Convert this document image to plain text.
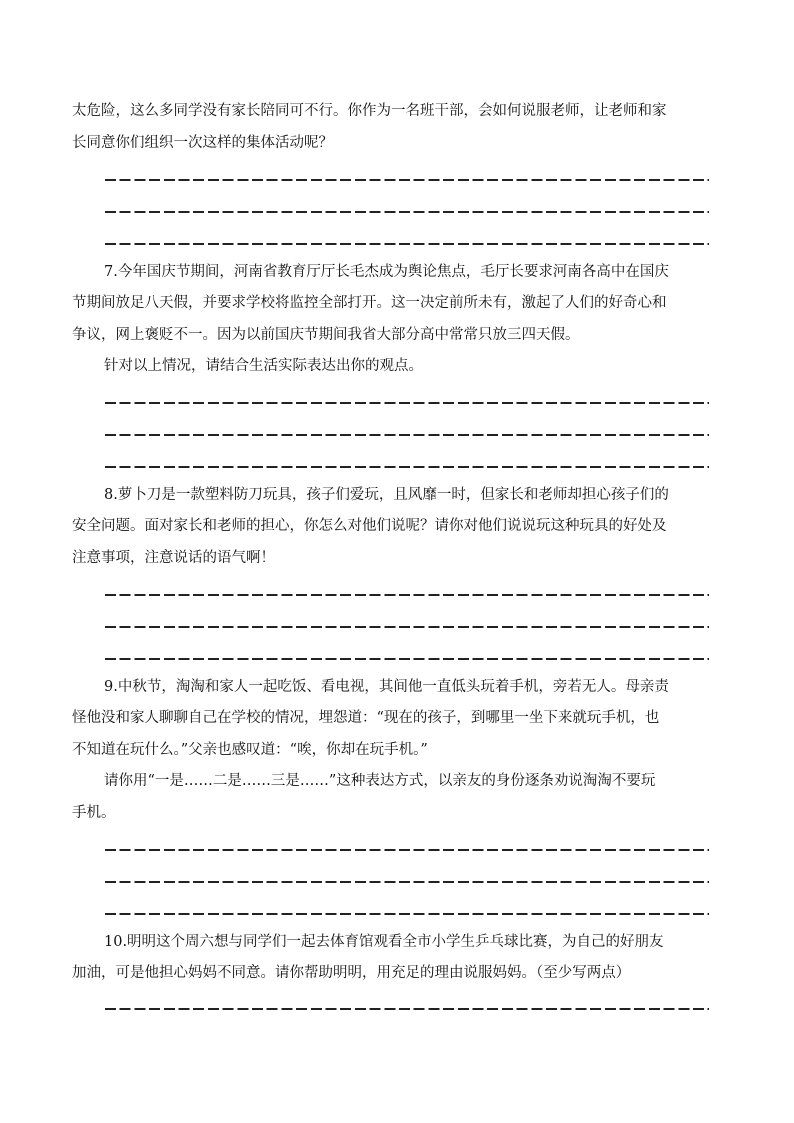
太危险，这么多同学没有家长陪同可不行。你作为一名班干部，会如何说服老师，让老师和家
长同意你们组织一次这样的集体活动呢？
7.今年国庆节期间，河南省教育厅厅长毛杰成为舆论焦点，毛厅长要求河南各高中在国庆
节期间放足八天假，并要求学校将监控全部打开。这一决定前所未有，激起了人们的好奇心和
争议，网上褒贬不一。因为以前国庆节期间我省大部分高中常常只放三四天假。
针对以上情况，请结合生活实际表达出你的观点。
8.萝卜刀是一款塑料防刀玩具，孩子们爱玩，且风靡一时，但家长和老师却担心孩子们的
安全问题。面对家长和老师的担心，你怎么对他们说呢？请你对他们说说玩这种玩具的好处及
注意事项，注意说话的语气啊！
9.中秋节，淘淘和家人一起吃饭、看电视，其间他一直低头玩着手机，旁若无人。母亲责
怪他没和家人聊聊自己在学校的情况，埋怨道：“现在的孩子，到哪里一坐下来就玩手机，也
不知道在玩什么。”父亲也感叹道：“唉，你却在玩手机。”
请你用“一是……二是……三是……”这种表达方式，以亲友的身份逐条劝说淘淘不要玩
手机。
10.明明这个周六想与同学们一起去体育馆观看全市小学生乒乓球比赛，为自己的好朋友
加油，可是他担心妈妈不同意。请你帮助明明，用充足的理由说服妈妈。（至少写两点）
